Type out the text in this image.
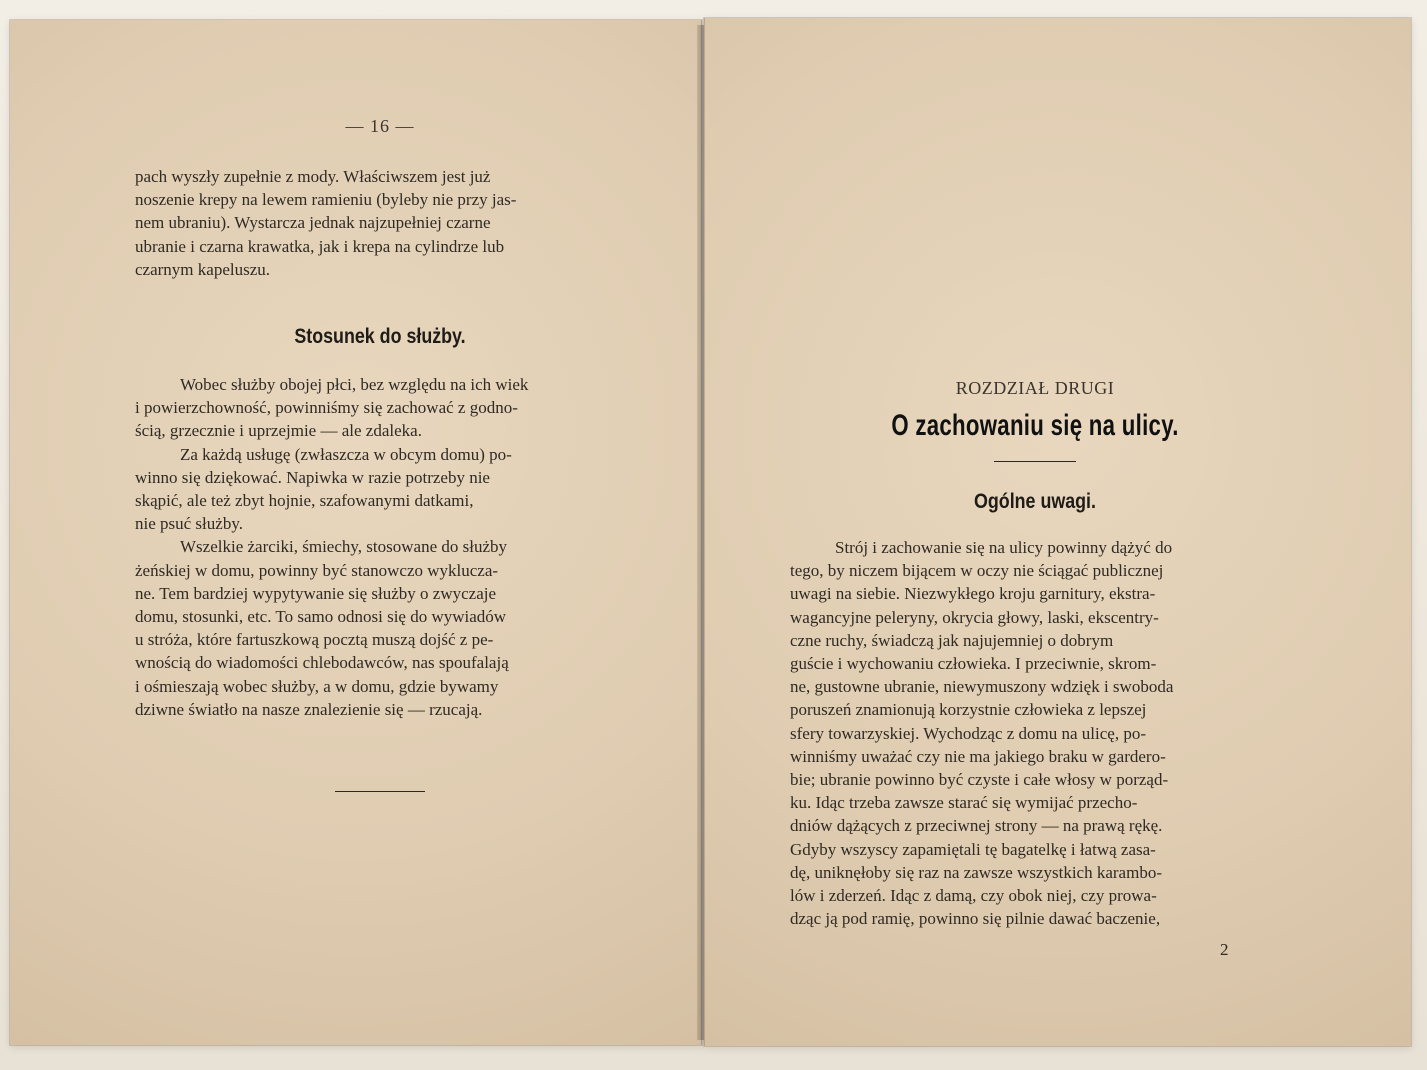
— 16 —

pach wyszły zupełnie z mody. Właściwszem jest już

noszenie krepy na lewem ramieniu (byleby nie przy jas-

nem ubraniu). Wystarcza jednak najzupełniej czarne

ubranie i czarna krawatka, jak i krepa na cylindrze lub

czarnym kapeluszu.

Stosunek do służby.

Wobec służby obojej płci, bez względu na ich wiek

i powierzchowność, powinniśmy się zachować z godno-

ścią, grzecznie i uprzejmie — ale zdaleka.

Za każdą usługę (zwłaszcza w obcym domu) po-

winno się dziękować. Napiwka w razie potrzeby nie

skąpić, ale też zbyt hojnie, szafowanymi datkami,

nie psuć służby.

Wszelkie żarciki, śmiechy, stosowane do służby

żeńskiej w domu, powinny być stanowczo wyklucza-

ne. Tem bardziej wypytywanie się służby o zwyczaje

domu, stosunki, etc. To samo odnosi się do wywiadów

u stróża, które fartuszkową pocztą muszą dojść z pe-

wnością do wiadomości chlebodawców, nas spoufalają

i ośmieszają wobec służby, a w domu, gdzie bywamy

dziwne światło na nasze znalezienie się — rzucają.

ROZDZIAŁ DRUGI
O zachowaniu się na ulicy.
Ogólne uwagi.

Strój i zachowanie się na ulicy powinny dążyć do

tego, by niczem bijącem w oczy nie ściągać publicznej

uwagi na siebie. Niezwykłego kroju garnitury, ekstra-

wagancyjne peleryny, okrycia głowy, laski, ekscentry-

czne ruchy, świadczą jak najujemniej o dobrym

guście i wychowaniu człowieka. I przeciwnie, skrom-

ne, gustowne ubranie, niewymuszony wdzięk i swoboda

poruszeń znamionują korzystnie człowieka z lepszej

sfery towarzyskiej. Wychodząc z domu na ulicę, po-

winniśmy uważać czy nie ma jakiego braku w gardero-

bie; ubranie powinno być czyste i całe włosy w porząd-

ku. Idąc trzeba zawsze starać się wymijać przecho-

dniów dążących z przeciwnej strony — na prawą rękę.

Gdyby wszyscy zapamiętali tę bagatelkę i łatwą zasa-

dę, uniknęłoby się raz na zawsze wszystkich karambo-

lów i zderzeń. Idąc z damą, czy obok niej, czy prowa-

dząc ją pod ramię, powinno się pilnie dawać baczenie,

2
